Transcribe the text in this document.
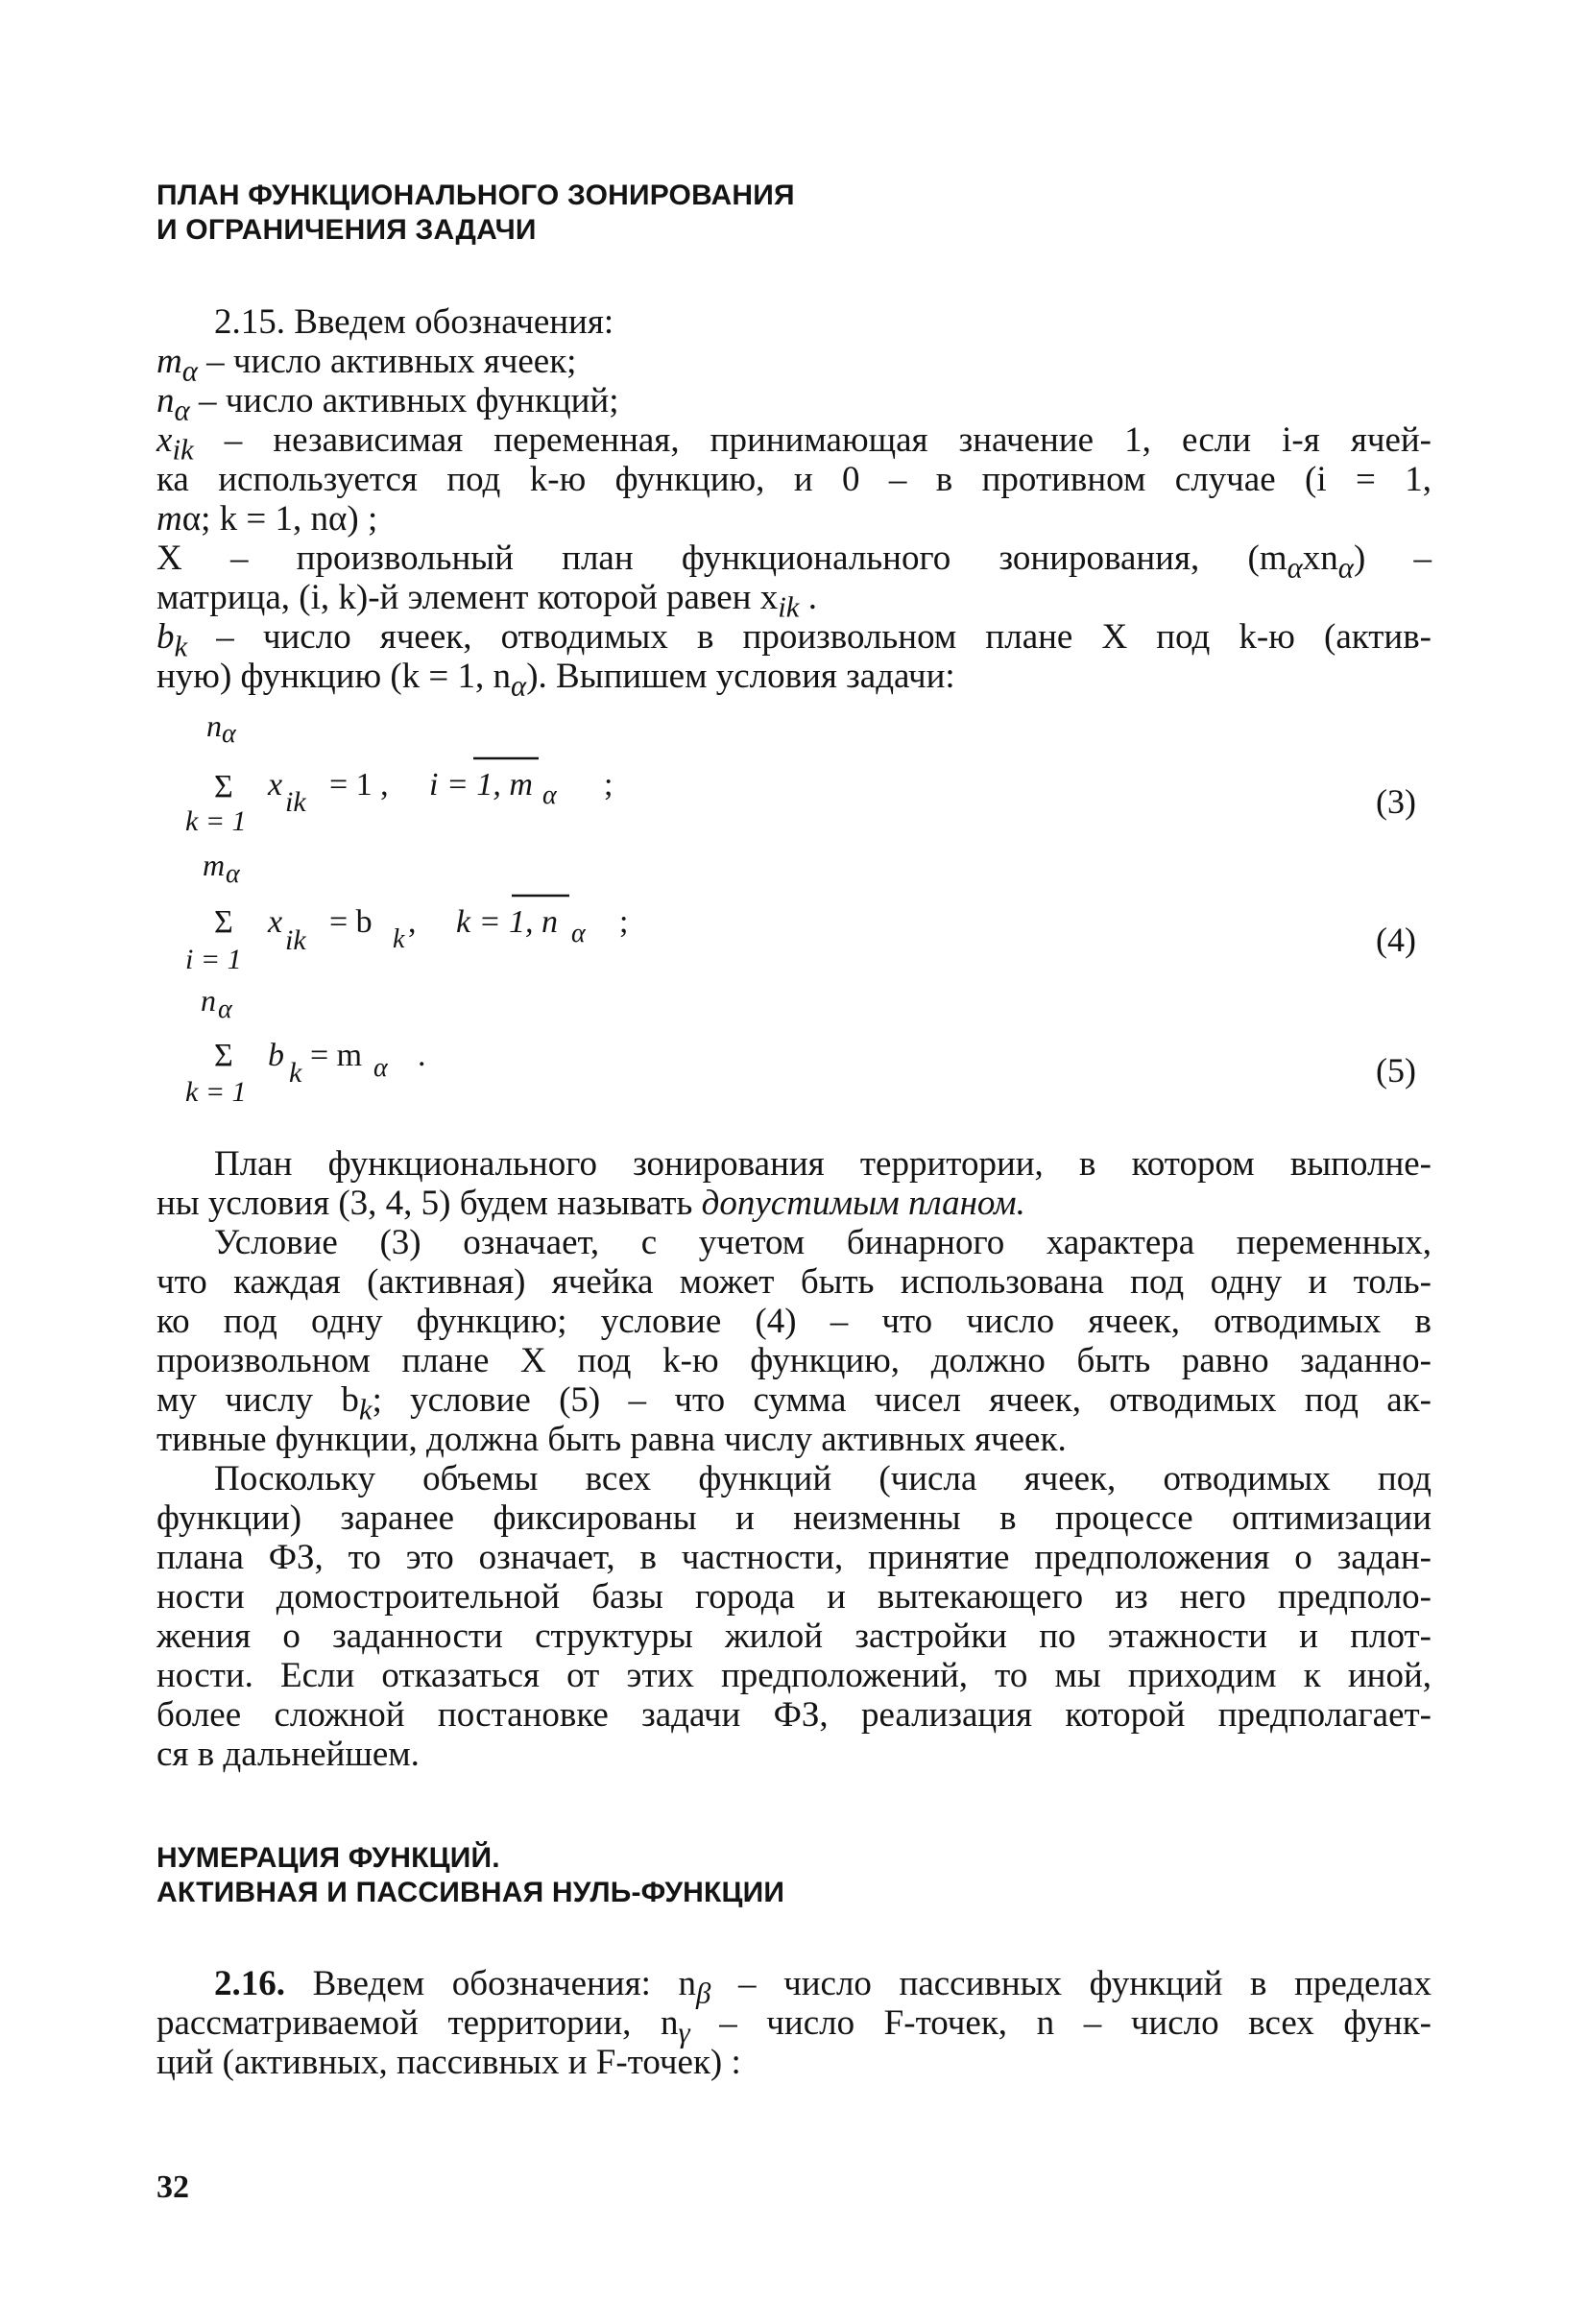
ПЛАН ФУНКЦИОНАЛЬНОГО ЗОНИРОВАНИЯ
И ОГРАНИЧЕНИЯ ЗАДАЧИ
2.15. Введем обозначения:
$m_\alpha$ – число активных ячеек;
$n_\alpha$ – число активных функций;
$x_{ik}$ – независимая переменная, принимающая значение 1, если i-я ячей-
ка используется под k-ю функцию, и 0 – в противном случае (i = 1,
mα; k = 1, nα) ;
X – произвольный план функционального зонирования, $(m_\alpha xn_\alpha)$ –
матрица, (i, k)-й элемент которой равен $x_{ik}$ .
$b_k$ – число ячеек, отводимых в произвольном плане X под k-ю (актив-
ную) функцию (k = 1, $n_\alpha$). Выпишем условия задачи:
n α
Σ
k = 1
x ik = 1 , i = 1, m α ;	(3)
m α
Σ
i = 1
x
ik
= b k , k = 1, n α ;	(4)
n α
Σ
k = 1
b k = m α .	(5)
План функционального зонирования территории, в котором выполне-
ны условия (3, 4, 5) будем называть допустимым планом.
Условие (3) означает, с учетом бинарного характера переменных,
что каждая (активная) ячейка может быть использована под одну и толь-
ко под одну функцию; условие (4) – что число ячеек, отводимых в
произвольном плане X под k-ю функцию, должно быть равно заданно-
му числу $b_k$; условие (5) – что сумма чисел ячеек, отводимых под ак-
тивные функции, должна быть равна числу активных ячеек.
Поскольку объемы всех функций (числа ячеек, отводимых под
функции) заранее фиксированы и неизменны в процессе оптимизации
плана ФЗ, то это означает, в частности, принятие предположения о задан-
ности домостроительной базы города и вытекающего из него предполо-
жения о заданности структуры жилой застройки по этажности и плот-
ности. Если отказаться от этих предположений, то мы приходим к иной,
более сложной постановке задачи ФЗ, реализация которой предполагает-
ся в дальнейшем.
НУМЕРАЦИЯ ФУНКЦИЙ.
АКТИВНАЯ И ПАССИВНАЯ НУЛЬ-ФУНКЦИИ
2.16. Введем обозначения: $n_\beta$ – число пассивных функций в пределах
рассматриваемой территории, $n_\gamma$ – число F-точек, n – число всех функ-
ций (активных, пассивных и F-точек) :
32
